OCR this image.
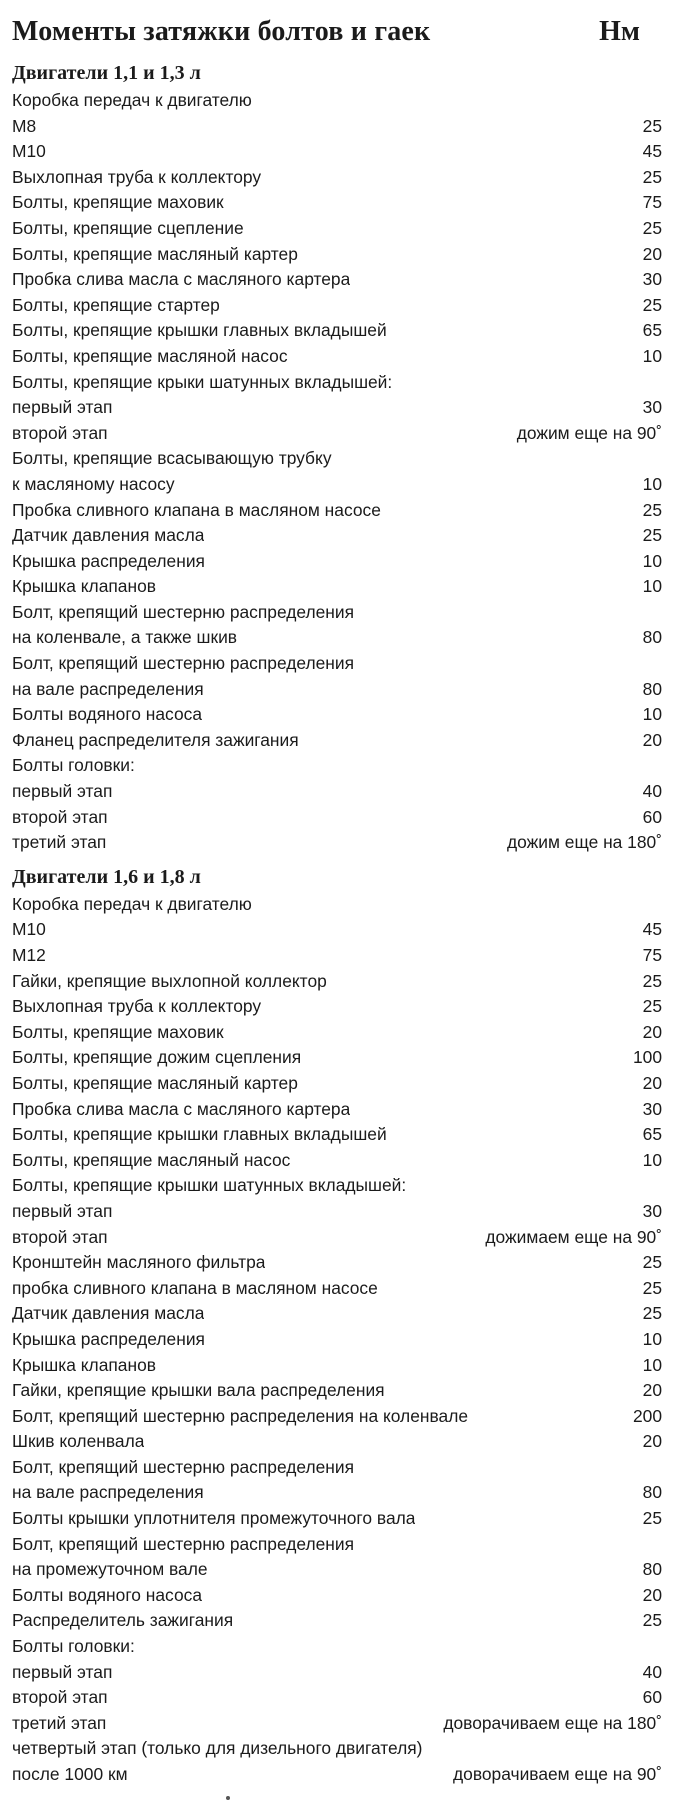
Моменты затяжки болтов и гаек	Нм
Двигатели 1,1 и 1,3 л
Коробка передач к двигателю
М8	25
М10	45
Выхлопная труба к коллектору	25
Болты, крепящие маховик	75
Болты, крепящие сцепление	25
Болты, крепящие масляный картер	20
Пробка слива масла с масляного картера	30
Болты, крепящие стартер	25
Болты, крепящие крышки главных вкладышей	65
Болты, крепящие масляной насос	10
Болты, крепящие крыки шатунных вкладышей:
первый этап	30
второй этап	дожим еще на 90˚
Болты, крепящие всасывающую трубку
к масляному насосу	10
Пробка сливного клапана в масляном насосе	25
Датчик давления масла	25
Крышка распределения	10
Крышка клапанов	10
Болт, крепящий шестерню распределения
на коленвале, а также шкив	80
Болт, крепящий шестерню распределения
на вале распределения	80
Болты водяного насоса	10
Фланец распределителя зажигания	20
Болты головки:
первый этап	40
второй этап	60
третий этап	дожим еще на 180˚
Двигатели 1,6 и 1,8 л
Коробка передач к двигателю
М10	45
М12	75
Гайки, крепящие выхлопной коллектор	25
Выхлопная труба к коллектору	25
Болты, крепящие маховик	20
Болты, крепящие дожим сцепления	100
Болты, крепящие масляный картер	20
Пробка слива масла с масляного картера	30
Болты, крепящие крышки главных вкладышей	65
Болты, крепящие масляный насос	10
Болты, крепящие крышки шатунных вкладышей:
первый этап	30
второй этап	дожимаем еще на 90˚
Кронштейн масляного фильтра	25
пробка сливного клапана в масляном насосе	25
Датчик давления масла	25
Крышка распределения	10
Крышка клапанов	10
Гайки, крепящие крышки вала распределения	20
Болт, крепящий шестерню распределения на коленвале	200
Шкив коленвала	20
Болт, крепящий шестерню распределения
на вале распределения	80
Болты крышки уплотнителя промежуточного вала	25
Болт, крепящий шестерню распределения
на промежуточном вале	80
Болты водяного насоса	20
Распределитель зажигания	25
Болты головки:
первый этап	40
второй этап	60
третий этап	доворачиваем еще на 180˚
четвертый этап (только для дизельного двигателя)
после 1000 км	доворачиваем еще на 90˚
